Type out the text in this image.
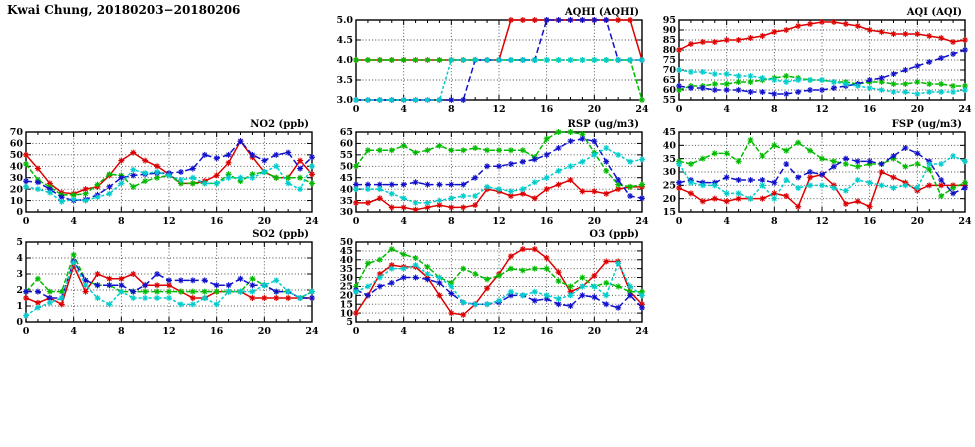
Kwai Chung, 20180203−20180206	AQHI (AQHI)
3.0
3.5
4.0
4.5
5.0
0	4	8	12	16	20	24
AQI (AQI)
55
60
65
70
75
80
85
90
95
0	4	8	12	16	20	24
NO2 (ppb)
0
10
20
30
40
50
60
70
0	4	8	12	16	20	24
RSP (ug/m3)
30
35
40
45
50
55
60
65
0	4	8	12	16	20	24
FSP (ug/m3)
15
20
25
30
35
40
45
0	4	8	12	16	20	24
SO2 (ppb)
0
1
2
3
4
5
0	4	8	12	16	20	24
O3 (ppb)
5
10
15
20
25
30
35
40
45
50
0	4	8	12	16	20	24
